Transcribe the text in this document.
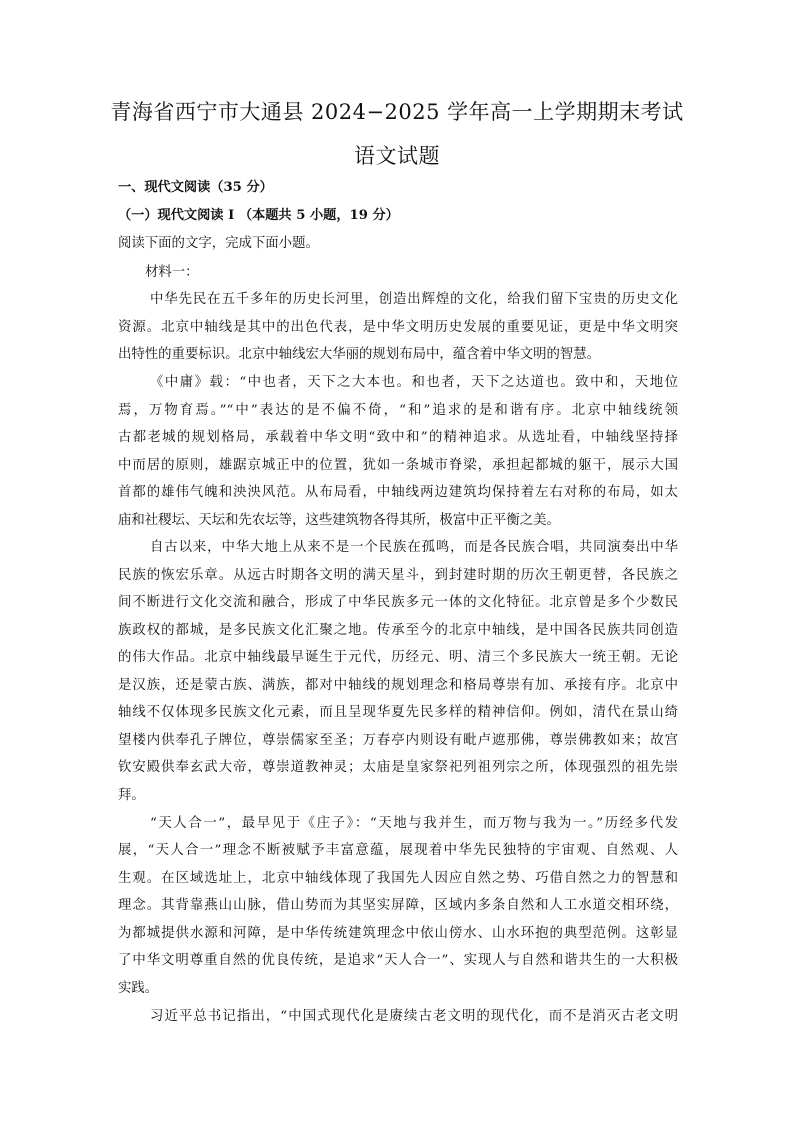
青海省西宁市大通县 2024−2025 学年高一上学期期末考试
语文试题
一、现代文阅读（35 分）
（一）现代文阅读 I （本题共 5 小题，19 分）
阅读下面的文字，完成下面小题。
材料一：
中华先民在五千多年的历史长河里，创造出辉煌的文化，给我们留下宝贵的历史文化
资源。北京中轴线是其中的出色代表，是中华文明历史发展的重要见证，更是中华文明突
出特性的重要标识。北京中轴线宏大华丽的规划布局中，蕴含着中华文明的智慧。
《中庸》载：“中也者，天下之大本也。和也者，天下之达道也。致中和，天地位
焉，万物育焉。”“中”表达的是不偏不倚，“和”追求的是和谐有序。北京中轴线统领
古都老城的规划格局，承载着中华文明“致中和”的精神追求。从选址看，中轴线坚持择
中而居的原则，雄踞京城正中的位置，犹如一条城市脊梁，承担起都城的躯干，展示大国
首都的雄伟气魄和泱泱风范。从布局看，中轴线两边建筑均保持着左右对称的布局，如太
庙和社稷坛、天坛和先农坛等，这些建筑物各得其所，极富中正平衡之美。
自古以来，中华大地上从来不是一个民族在孤鸣，而是各民族合唱，共同演奏出中华
民族的恢宏乐章。从远古时期各文明的满天星斗，到封建时期的历次王朝更替，各民族之
间不断进行文化交流和融合，形成了中华民族多元一体的文化特征。北京曾是多个少数民
族政权的都城，是多民族文化汇聚之地。传承至今的北京中轴线，是中国各民族共同创造
的伟大作品。北京中轴线最早诞生于元代，历经元、明、清三个多民族大一统王朝。无论
是汉族，还是蒙古族、满族，都对中轴线的规划理念和格局尊崇有加、承接有序。北京中
轴线不仅体现多民族文化元素，而且呈现华夏先民多样的精神信仰。例如，清代在景山绮
望楼内供奉孔子牌位，尊崇儒家至圣；万春亭内则设有毗卢遮那佛，尊崇佛教如来；故宫
钦安殿供奉玄武大帝，尊崇道教神灵；太庙是皇家祭祀列祖列宗之所，体现强烈的祖先崇
拜。
“天人合一”，最早见于《庄子》：“天地与我并生，而万物与我为一。”历经多代发
展，“天人合一”理念不断被赋予丰富意蕴，展现着中华先民独特的宇宙观、自然观、人
生观。在区域选址上，北京中轴线体现了我国先人因应自然之势、巧借自然之力的智慧和
理念。其背靠燕山山脉，借山势而为其坚实屏障，区域内多条自然和人工水道交相环绕，
为都城提供水源和河障，是中华传统建筑理念中依山傍水、山水环抱的典型范例。这彰显
了中华文明尊重自然的优良传统，是追求“天人合一”、实现人与自然和谐共生的一大积极
实践。
习近平总书记指出，“中国式现代化是赓续古老文明的现代化，而不是消灭古老文明
